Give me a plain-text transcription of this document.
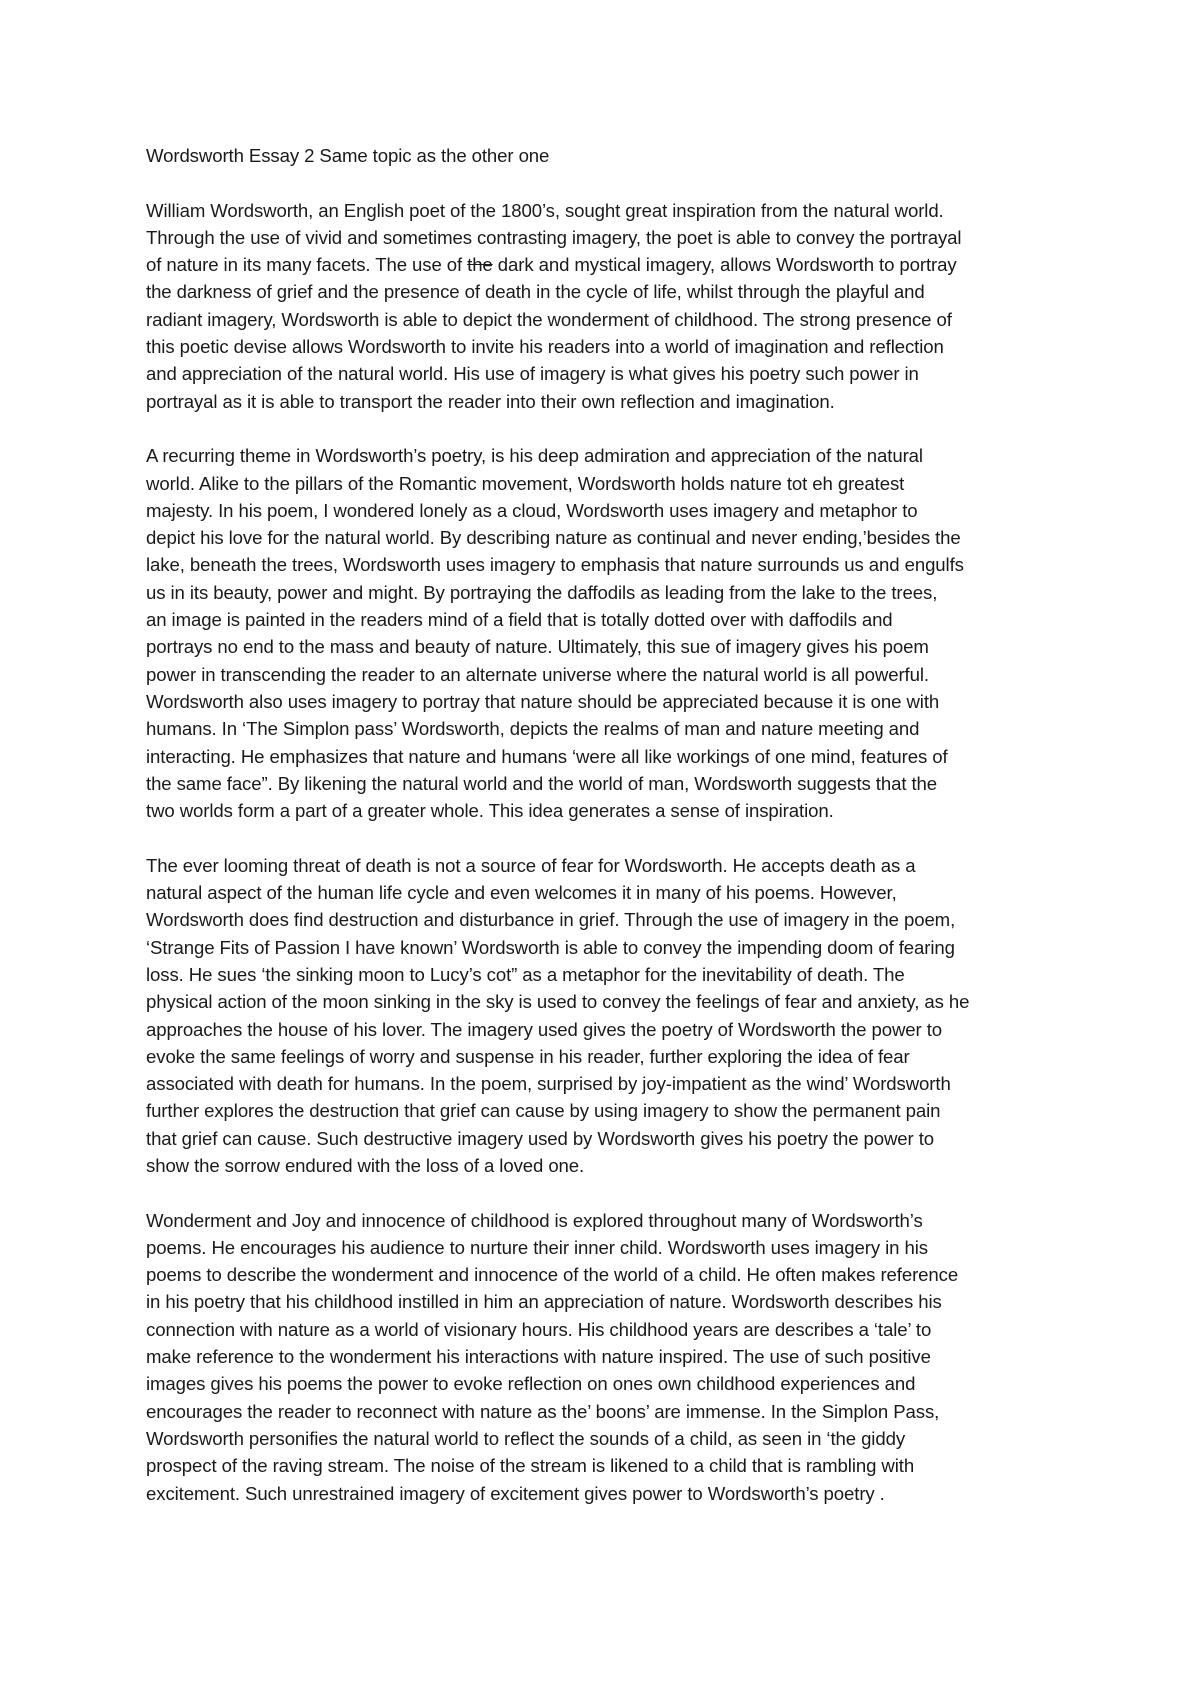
Wordsworth Essay 2 Same topic as the other one
William Wordsworth, an English poet of the 1800’s, sought great inspiration from the natural world.
Through the use of vivid and sometimes contrasting imagery, the poet is able to convey the portrayal
of nature in its many facets. The use of the dark and mystical imagery, allows Wordsworth to portray
the darkness of grief and the presence of death in the cycle of life, whilst through the playful and
radiant imagery, Wordsworth is able to depict the wonderment of childhood. The strong presence of
this poetic devise allows Wordsworth to invite his readers into a world of imagination and reflection
and appreciation of the natural world. His use of imagery is what gives his poetry such power in
portrayal as it is able to transport the reader into their own reflection and imagination.
A recurring theme in Wordsworth’s poetry, is his deep admiration and appreciation of the natural
world. Alike to the pillars of the Romantic movement, Wordsworth holds nature tot eh greatest
majesty. In his poem, I wondered lonely as a cloud, Wordsworth uses imagery and metaphor to
depict his love for the natural world. By describing nature as continual and never ending,’besides the
lake, beneath the trees, Wordsworth uses imagery to emphasis that nature surrounds us and engulfs
us in its beauty, power and might. By portraying the daffodils as leading from the lake to the trees,
an image is painted in the readers mind of a field that is totally dotted over with daffodils and
portrays no end to the mass and beauty of nature. Ultimately, this sue of imagery gives his poem
power in transcending the reader to an alternate universe where the natural world is all powerful.
Wordsworth also uses imagery to portray that nature should be appreciated because it is one with
humans. In ‘The Simplon pass’ Wordsworth, depicts the realms of man and nature meeting and
interacting. He emphasizes that nature and humans ‘were all like workings of one mind, features of
the same face”. By likening the natural world and the world of man, Wordsworth suggests that the
two worlds form a part of a greater whole. This idea generates a sense of inspiration.
The ever looming threat of death is not a source of fear for Wordsworth. He accepts death as a
natural aspect of the human life cycle and even welcomes it in many of his poems. However,
Wordsworth does find destruction and disturbance in grief. Through the use of imagery in the poem,
‘Strange Fits of Passion I have known’ Wordsworth is able to convey the impending doom of fearing
loss. He sues ‘the sinking moon to Lucy’s cot” as a metaphor for the inevitability of death. The
physical action of the moon sinking in the sky is used to convey the feelings of fear and anxiety, as he
approaches the house of his lover. The imagery used gives the poetry of Wordsworth the power to
evoke the same feelings of worry and suspense in his reader, further exploring the idea of fear
associated with death for humans. In the poem, surprised by joy-impatient as the wind’ Wordsworth
further explores the destruction that grief can cause by using imagery to show the permanent pain
that grief can cause. Such destructive imagery used by Wordsworth gives his poetry the power to
show the sorrow endured with the loss of a loved one.
Wonderment and Joy and innocence of childhood is explored throughout many of Wordsworth’s
poems. He encourages his audience to nurture their inner child. Wordsworth uses imagery in his
poems to describe the wonderment and innocence of the world of a child. He often makes reference
in his poetry that his childhood instilled in him an appreciation of nature. Wordsworth describes his
connection with nature as a world of visionary hours. His childhood years are describes a ‘tale’ to
make reference to the wonderment his interactions with nature inspired. The use of such positive
images gives his poems the power to evoke reflection on ones own childhood experiences and
encourages the reader to reconnect with nature as the’ boons’ are immense. In the Simplon Pass,
Wordsworth personifies the natural world to reflect the sounds of a child, as seen in ‘the giddy
prospect of the raving stream. The noise of the stream is likened to a child that is rambling with
excitement. Such unrestrained imagery of excitement gives power to Wordsworth’s poetry .
